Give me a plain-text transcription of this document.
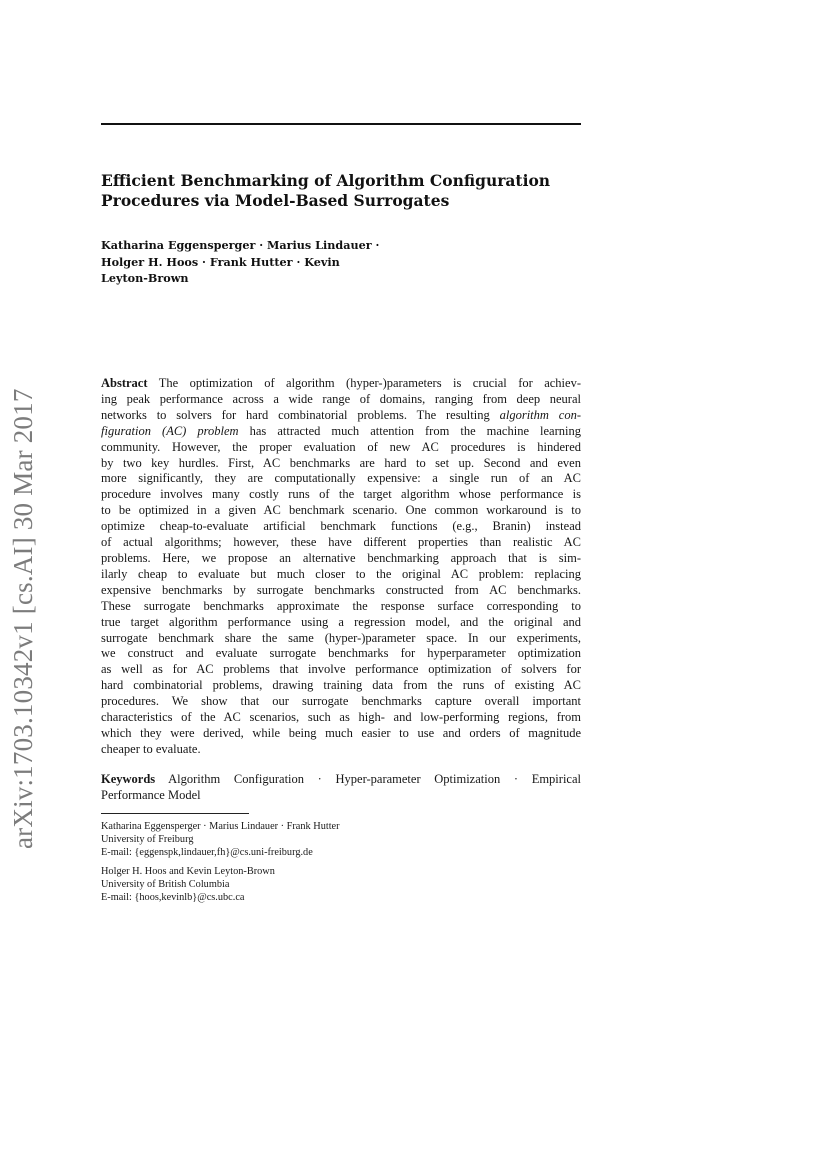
arXiv:1703.10342v1 [cs.AI] 30 Mar 2017
Efficient Benchmarking of Algorithm Configuration
Procedures via Model-Based Surrogates
Katharina Eggensperger · Marius Lindauer ·
Holger H. Hoos · Frank Hutter · Kevin
Leyton-Brown
Abstract The optimization of algorithm (hyper-)parameters is crucial for achiev-
ing peak performance across a wide range of domains, ranging from deep neural
networks to solvers for hard combinatorial problems. The resulting algorithm con-
figuration (AC) problem has attracted much attention from the machine learning
community. However, the proper evaluation of new AC procedures is hindered
by two key hurdles. First, AC benchmarks are hard to set up. Second and even
more significantly, they are computationally expensive: a single run of an AC
procedure involves many costly runs of the target algorithm whose performance is
to be optimized in a given AC benchmark scenario. One common workaround is to
optimize cheap-to-evaluate artificial benchmark functions (e.g., Branin) instead
of actual algorithms; however, these have different properties than realistic AC
problems. Here, we propose an alternative benchmarking approach that is sim-
ilarly cheap to evaluate but much closer to the original AC problem: replacing
expensive benchmarks by surrogate benchmarks constructed from AC benchmarks.
These surrogate benchmarks approximate the response surface corresponding to
true target algorithm performance using a regression model, and the original and
surrogate benchmark share the same (hyper-)parameter space. In our experiments,
we construct and evaluate surrogate benchmarks for hyperparameter optimization
as well as for AC problems that involve performance optimization of solvers for
hard combinatorial problems, drawing training data from the runs of existing AC
procedures. We show that our surrogate benchmarks capture overall important
characteristics of the AC scenarios, such as high- and low-performing regions, from
which they were derived, while being much easier to use and orders of magnitude
cheaper to evaluate.
Keywords Algorithm Configuration · Hyper-parameter Optimization · Empirical
Performance Model
Katharina Eggensperger · Marius Lindauer · Frank Hutter
University of Freiburg
E-mail: {eggenspk,lindauer,fh}@cs.uni-freiburg.de
Holger H. Hoos and Kevin Leyton-Brown
University of British Columbia
E-mail: {hoos,kevinlb}@cs.ubc.ca
